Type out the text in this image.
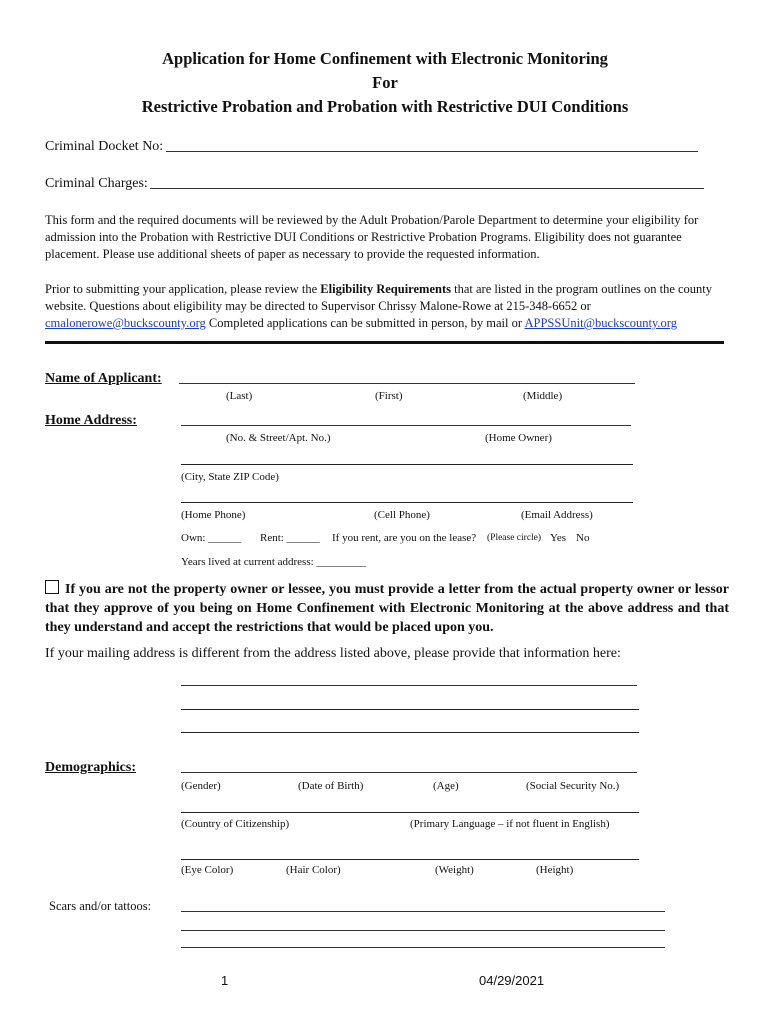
Application for Home Confinement with Electronic Monitoring
For
Restrictive Probation and Probation with Restrictive DUI Conditions
Criminal Docket No:
Criminal Charges:
This form and the required documents will be reviewed by the Adult Probation/Parole Department to determine your eligibility for admission into the Probation with Restrictive DUI Conditions or Restrictive Probation Programs. Eligibility does not guarantee placement. Please use additional sheets of paper as necessary to provide the requested information.
Prior to submitting your application, please review the Eligibility Requirements that are listed in the program outlines on the county website. Questions about eligibility may be directed to Supervisor Chrissy Malone-Rowe at 215-348-6652 or cmalonerowe@buckscounty.org Completed applications can be submitted in person, by mail or APPSSUnit@buckscounty.org
Name of Applicant:
(Last)	(First)	(Middle)
Home Address:
(No. & Street/Apt. No.)	(Home Owner)
(City, State ZIP Code)
(Home Phone)	(Cell Phone)	(Email Address)
Own: ______ Rent: ______ If you rent, are you on the lease? (Please circle) Yes No
Years lived at current address: _________
If you are not the property owner or lessee, you must provide a letter from the actual property owner or lessor that they approve of you being on Home Confinement with Electronic Monitoring at the above address and that they understand and accept the restrictions that would be placed upon you.
If your mailing address is different from the address listed above, please provide that information here:
Demographics:
(Gender)	(Date of Birth)	(Age)	(Social Security No.)
(Country of Citizenship)	(Primary Language – if not fluent in English)
(Eye Color)	(Hair Color)	(Weight)	(Height)
Scars and/or tattoos:
1	04/29/2021
